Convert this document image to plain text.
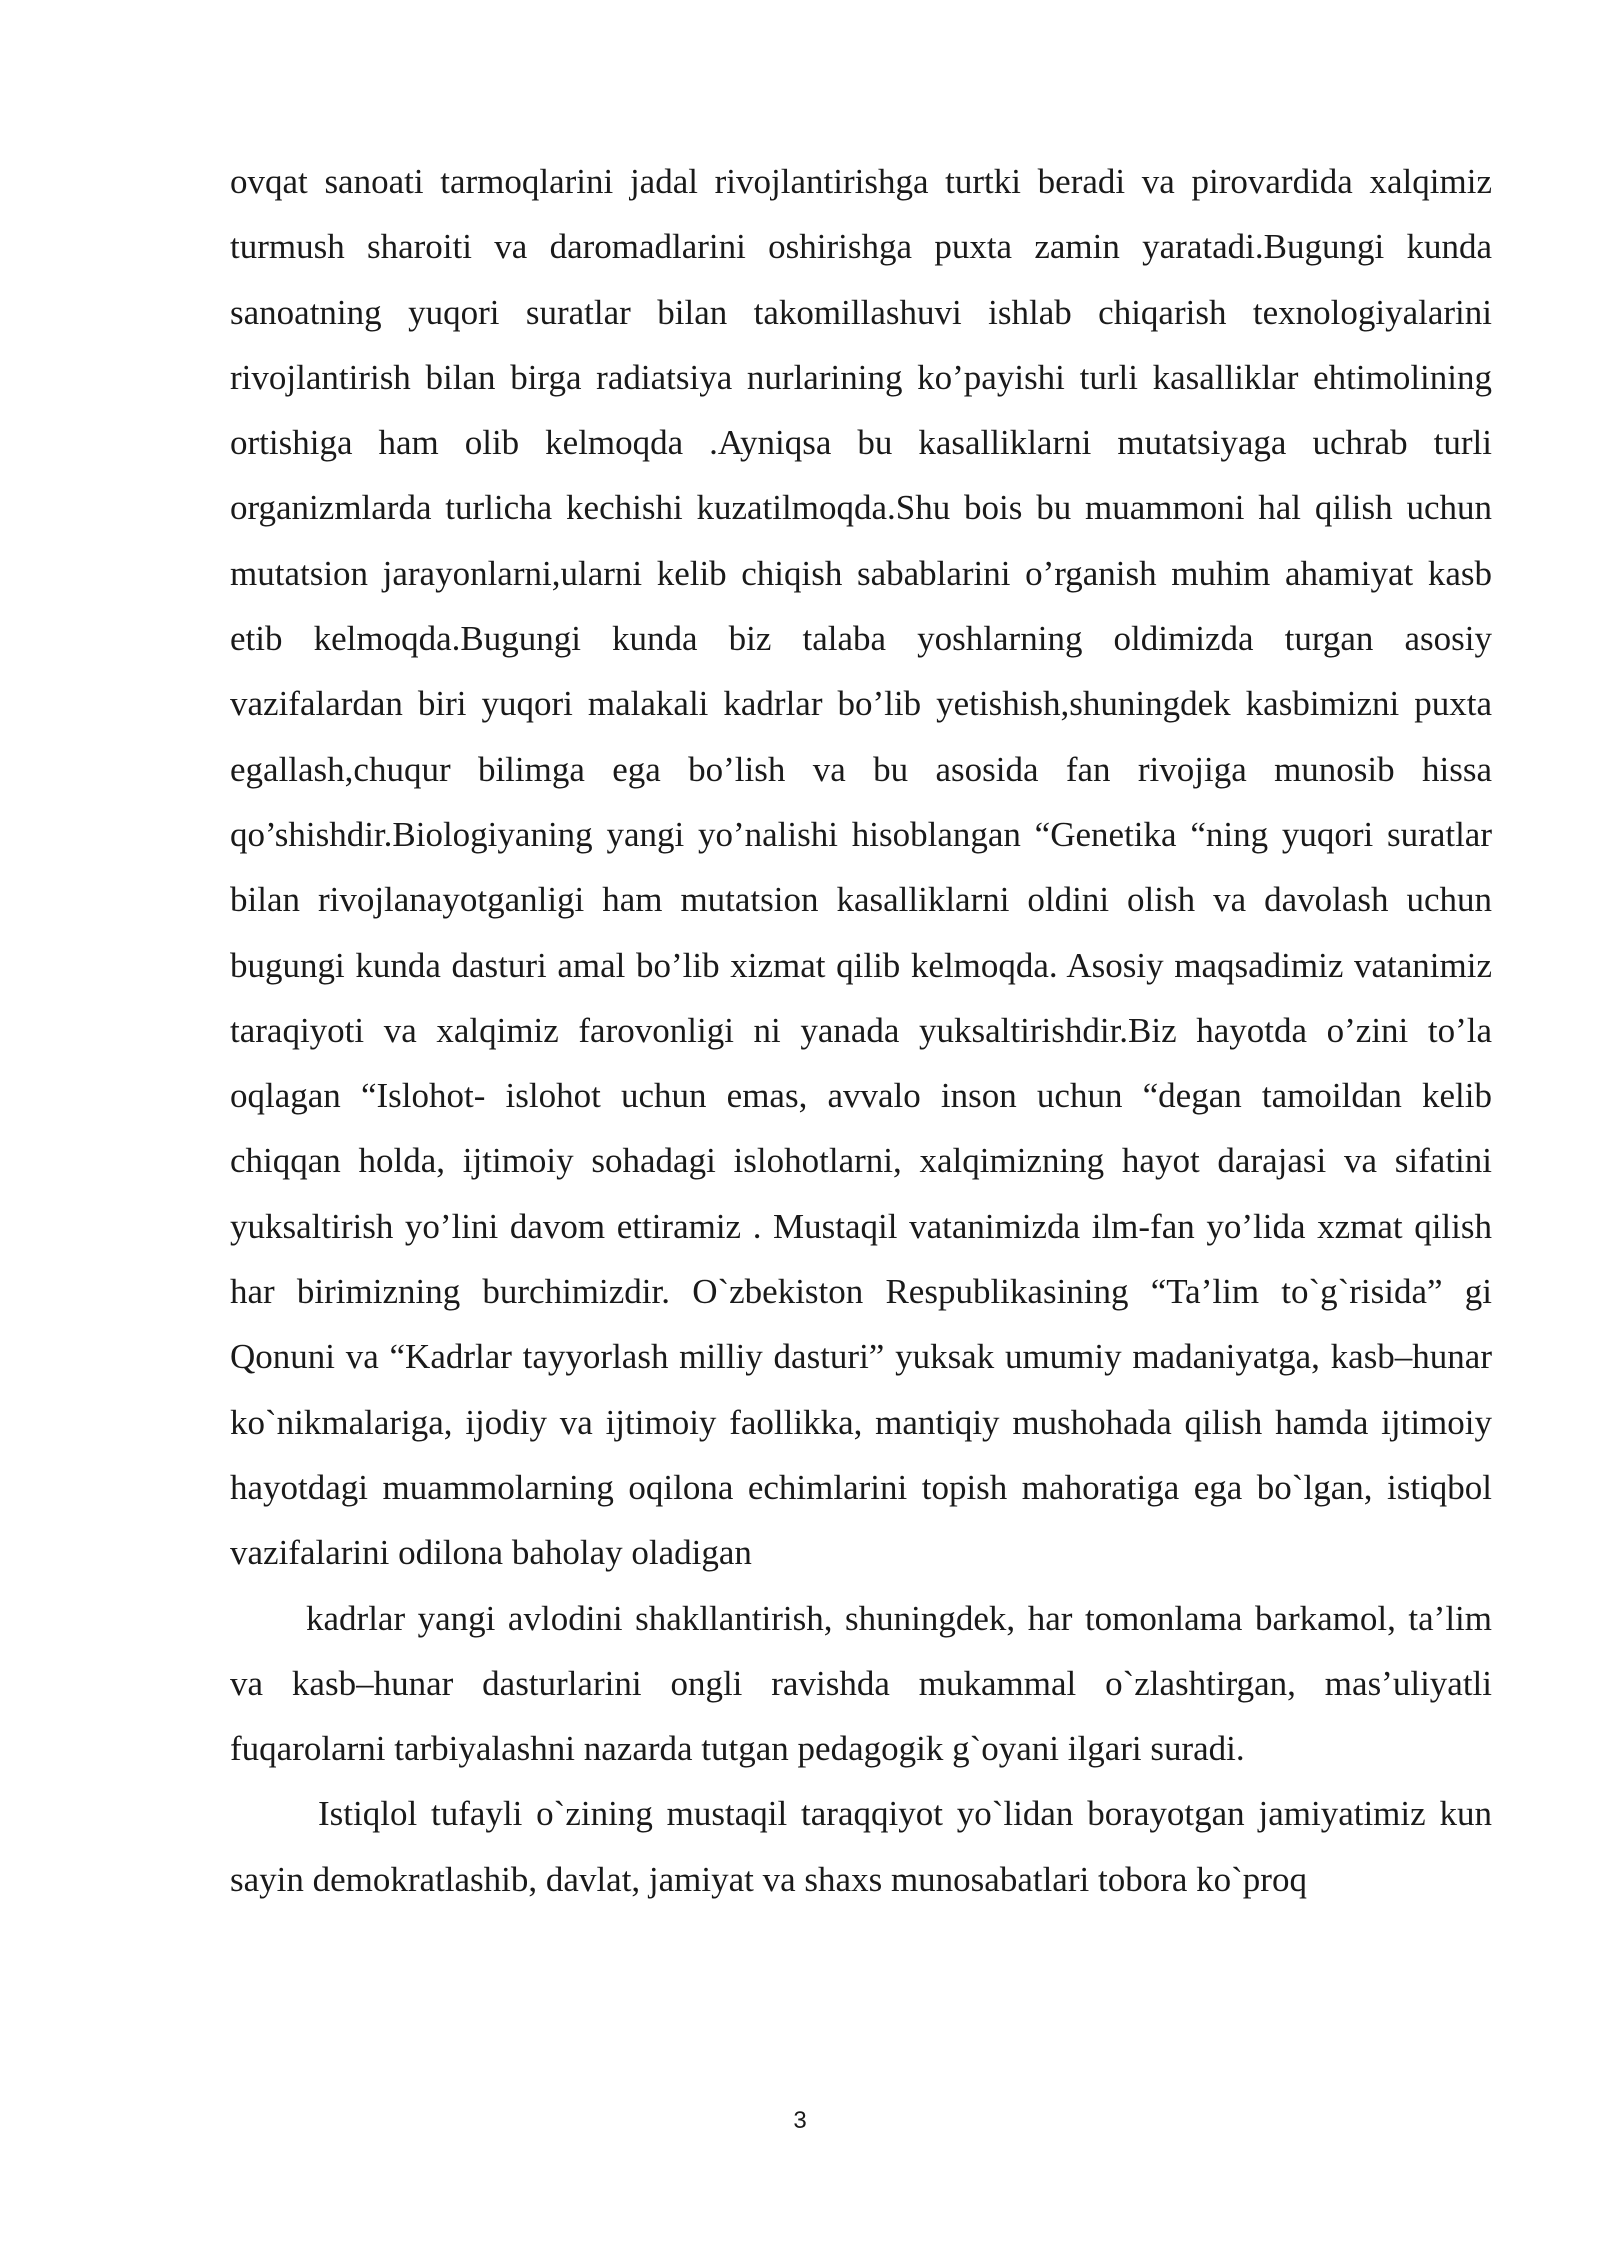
ovqat sanoati tarmoqlarini jadal rivojlantirishga turtki beradi va pirovardida xalqimiz turmush sharoiti va daromadlarini oshirishga puxta zamin yaratadi.Bugungi kunda sanoatning yuqori suratlar bilan takomillashuvi ishlab chiqarish texnologiyalarini rivojlantirish bilan birga radiatsiya nurlarining ko’payishi turli kasalliklar ehtimolining ortishiga ham olib kelmoqda .Ayniqsa bu kasalliklarni mutatsiyaga uchrab turli organizmlarda turlicha kechishi kuzatilmoqda.Shu bois bu muammoni hal qilish uchun mutatsion jarayonlarni,ularni kelib chiqish sabablarini o’rganish muhim ahamiyat kasb etib kelmoqda.Bugungi kunda biz talaba yoshlarning oldimizda turgan asosiy vazifalardan biri yuqori malakali kadrlar bo’lib yetishish,shuningdek kasbimizni puxta egallash,chuqur bilimga ega bo’lish va bu asosida fan rivojiga munosib hissa qo’shishdir.Biologiyaning yangi yo’nalishi hisoblangan “Genetika “ning yuqori suratlar bilan rivojlanayotganligi ham mutatsion kasalliklarni oldini olish va davolash uchun bugungi kunda dasturi amal bo’lib xizmat qilib kelmoqda. Asosiy maqsadimiz vatanimiz taraqiyoti va xalqimiz farovonligi ni yanada yuksaltirishdir.Biz hayotda o’zini to’la oqlagan “Islohot- islohot uchun emas, avvalo inson uchun “degan tamoildan kelib chiqqan holda, ijtimoiy sohadagi islohotlarni, xalqimizning hayot darajasi va sifatini yuksaltirish yo’lini davom ettiramiz . Mustaqil vatanimizda ilm-fan yo’lida xzmat qilish har birimizning burchimizdir. O`zbekiston Respublikasining “Ta’lim to`g`risida” gi Qonuni va “Kadrlar tayyorlash milliy dasturi” yuksak umumiy madaniyatga, kasb–hunar ko`nikmalariga, ijodiy va ijtimoiy faollikka, mantiqiy mushohada qilish hamda ijtimoiy hayotdagi muammolarning oqilona echimlarini topish mahoratiga ega bo`lgan, istiqbol vazifalarini odilona baholay oladigan

kadrlar yangi avlodini shakllantirish, shuningdek, har tomonlama barkamol, ta’lim va kasb–hunar dasturlarini ongli ravishda mukammal o`zlashtirgan, mas’uliyatli fuqarolarni tarbiyalashni nazarda tutgan pedagogik g`oyani ilgari suradi.

Istiqlol tufayli o`zining mustaqil taraqqiyot yo`lidan borayotgan jamiyatimiz kun sayin demokratlashib, davlat, jamiyat va shaxs munosabatlari tobora ko`proq

3
